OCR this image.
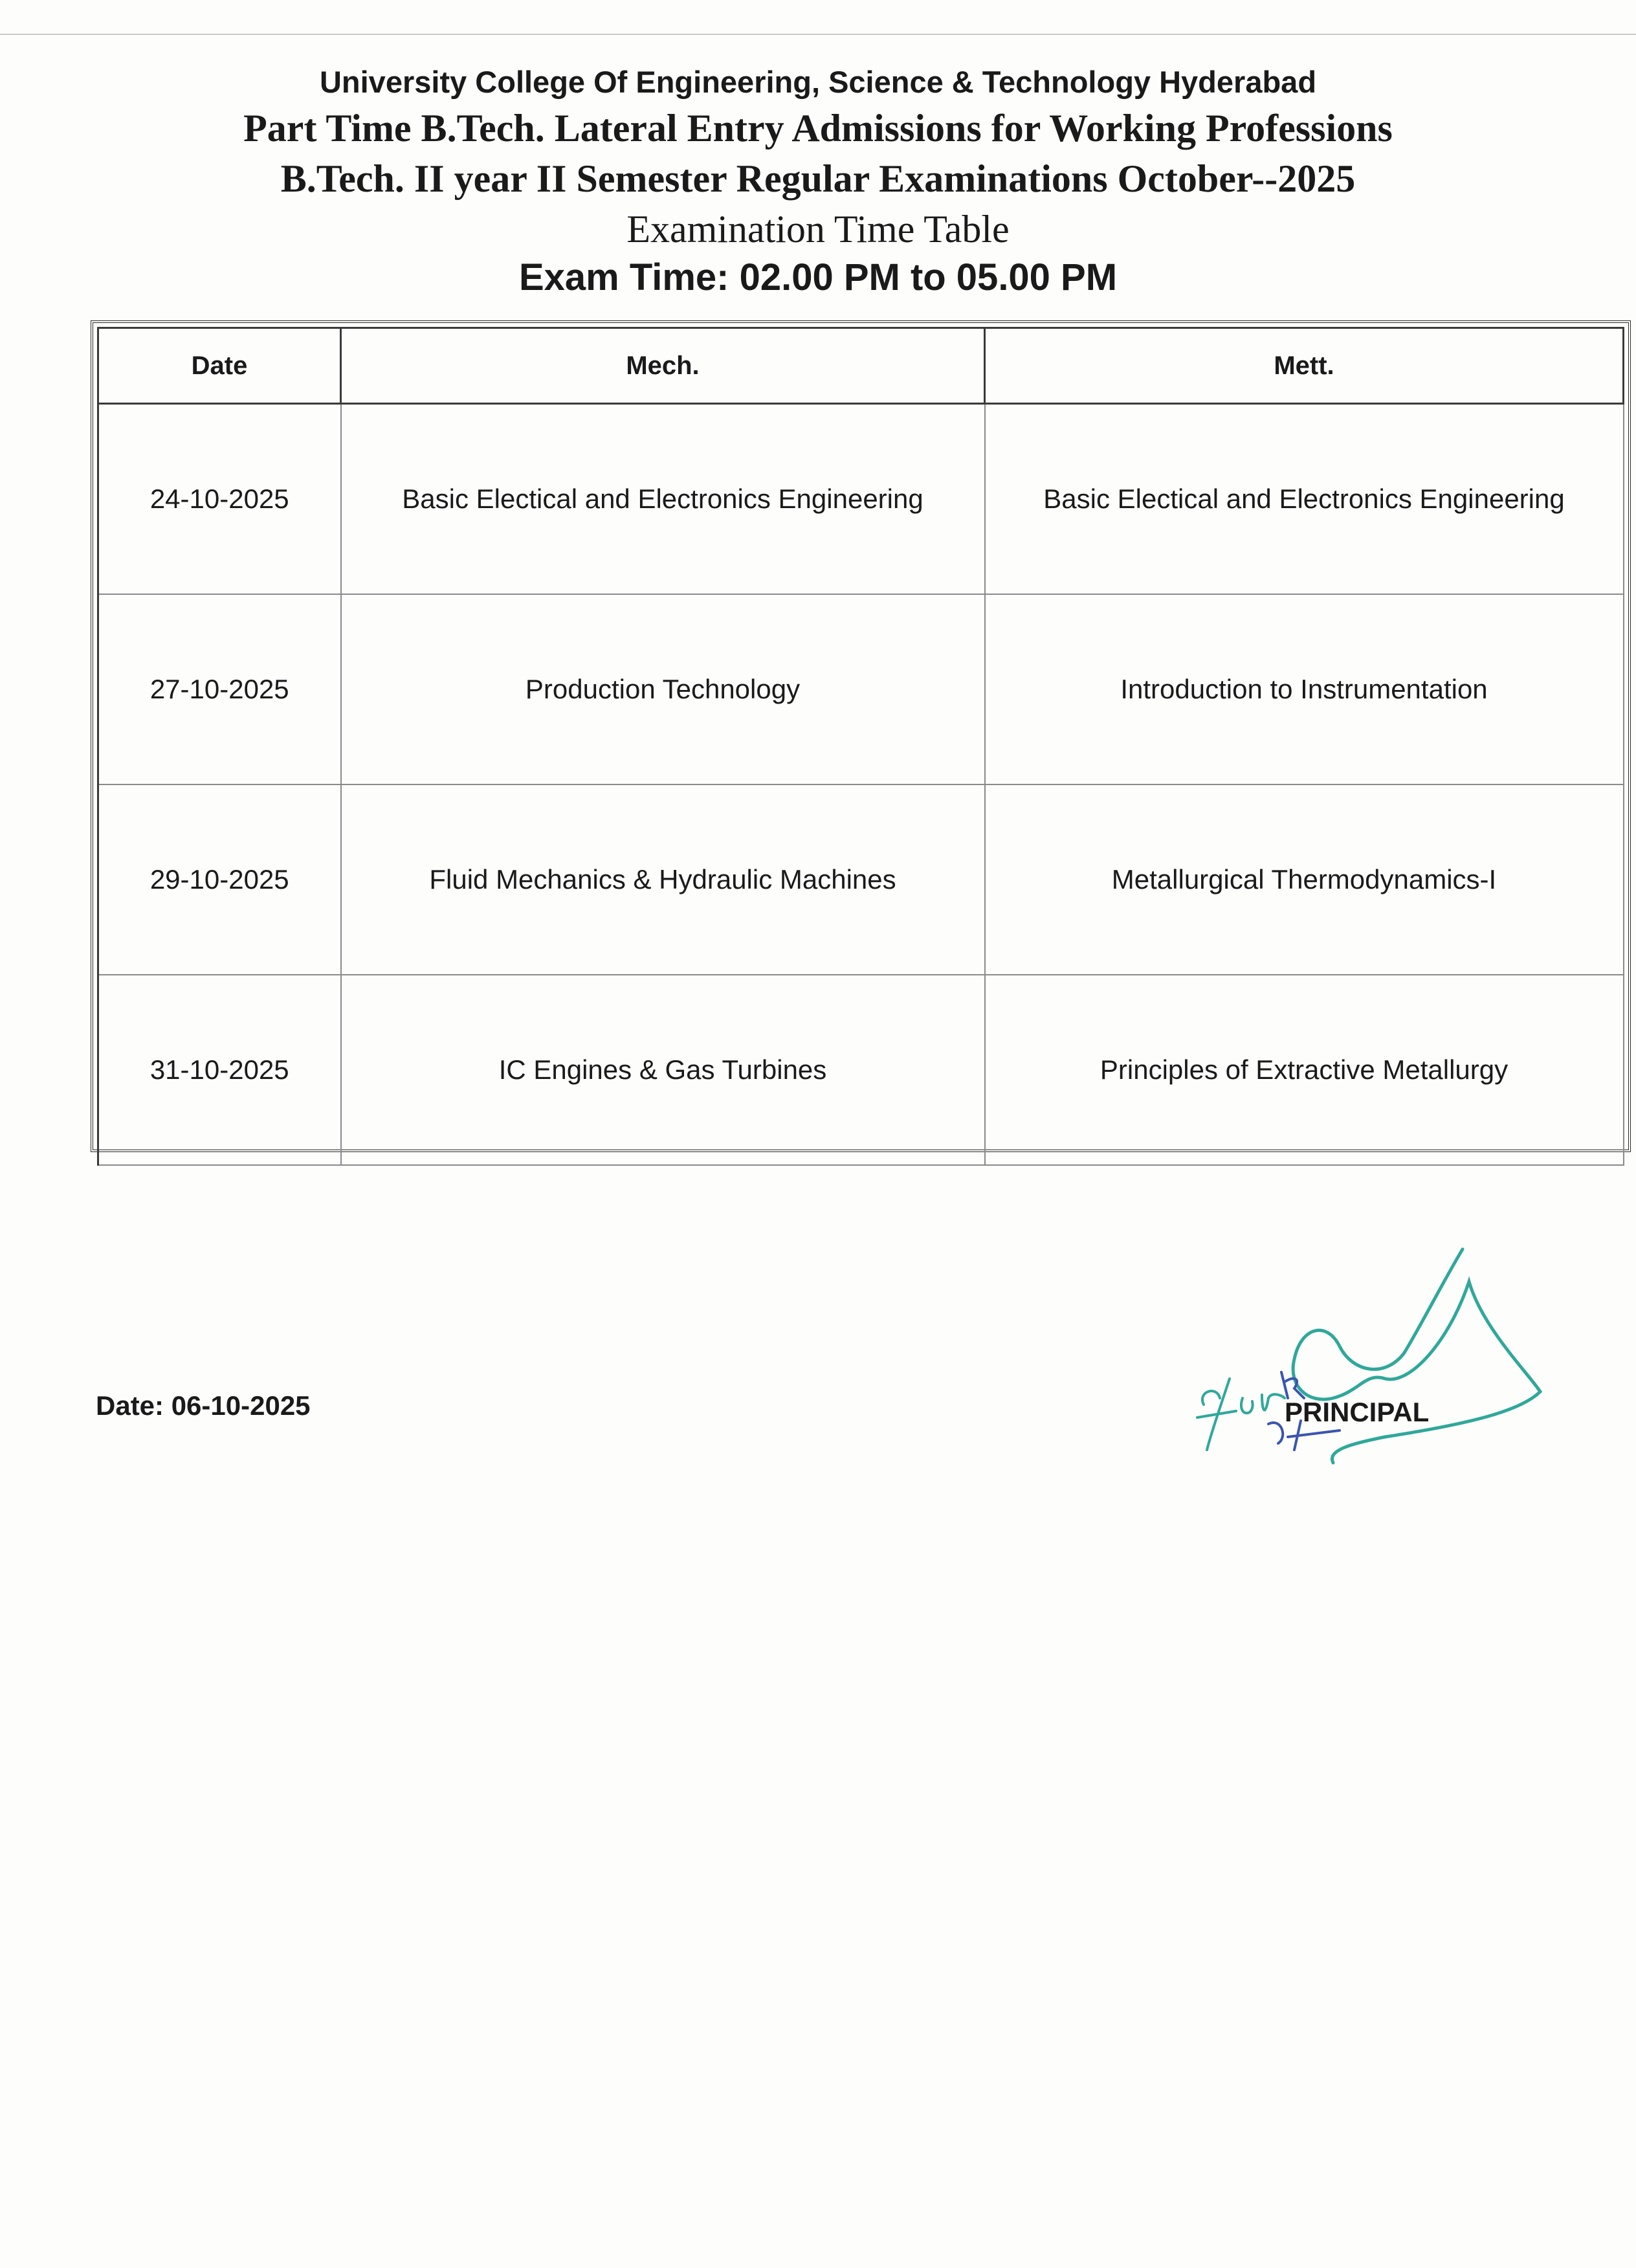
University College Of Engineering, Science & Technology Hyderabad
Part Time B.Tech. Lateral Entry Admissions for Working Professions
B.Tech. II year II Semester Regular Examinations October--2025
Examination Time Table
Exam Time: 02.00 PM to 05.00 PM
Date	Mech.	Mett.
24-10-2025	Basic Electical and Electronics Engineering	Basic Electical and Electronics Engineering
27-10-2025	Production Technology	Introduction to Instrumentation
29-10-2025	Fluid Mechanics & Hydraulic Machines	Metallurgical Thermodynamics-I
31-10-2025	IC Engines & Gas Turbines	Principles of Extractive Metallurgy
Date: 06-10-2025	PRINCIPAL
